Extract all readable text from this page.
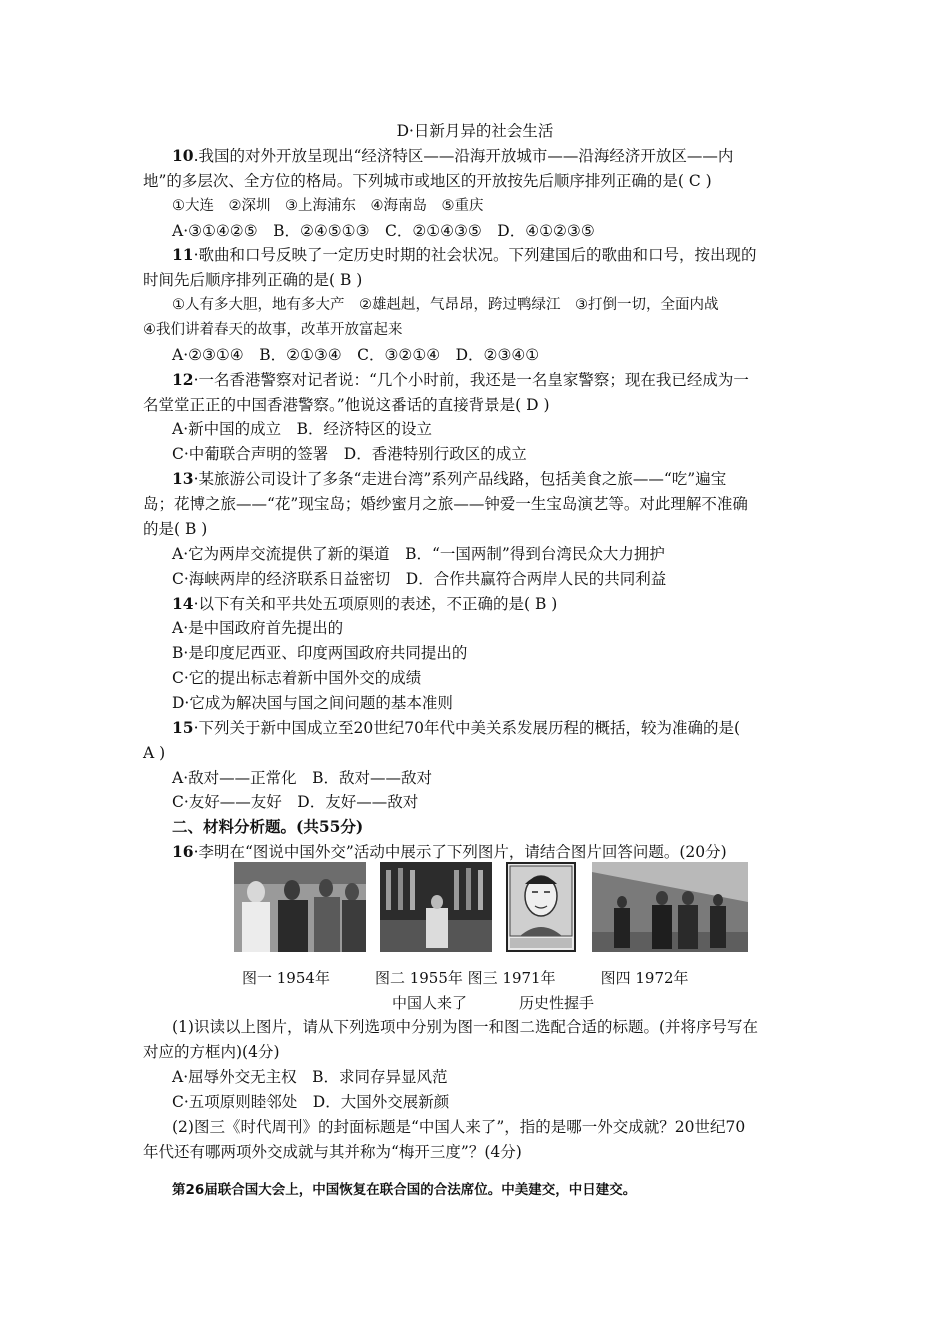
D·日新月异的社会生活
10.我国的对外开放呈现出“经济特区——沿海开放城市——沿海经济开放区——内
地”的多层次、全方位的格局。下列城市或地区的开放按先后顺序排列正确的是( C )
①大连　②深圳　③上海浦东　④海南岛　⑤重庆
A·③①④②⑤　B．②④⑤①③　C．②①④③⑤　D．④①②③⑤
11·歌曲和口号反映了一定历史时期的社会状况。下列建国后的歌曲和口号，按出现的
时间先后顺序排列正确的是( B )
①人有多大胆，地有多大产　②雄赳赳，气昂昂，跨过鸭绿江　③打倒一切，全面内战
④我们讲着春天的故事，改革开放富起来
A·②③①④　B．②①③④　C．③②①④　D．②③④①
12·一名香港警察对记者说：“几个小时前，我还是一名皇家警察；现在我已经成为一
名堂堂正正的中国香港警察。”他说这番话的直接背景是( D )
A·新中国的成立　B．经济特区的设立
C·中葡联合声明的签署　D．香港特别行政区的成立
13·某旅游公司设计了多条“走进台湾”系列产品线路，包括美食之旅——“吃”遍宝
岛；花博之旅——“花”现宝岛；婚纱蜜月之旅——钟爱一生宝岛演艺等。对此理解不准确
的是( B )
A·它为两岸交流提供了新的渠道　B．“一国两制”得到台湾民众大力拥护
C·海峡两岸的经济联系日益密切　D．合作共赢符合两岸人民的共同利益
14·以下有关和平共处五项原则的表述，不正确的是( B )
A·是中国政府首先提出的
B·是印度尼西亚、印度两国政府共同提出的
C·它的提出标志着新中国外交的成绩
D·它成为解决国与国之间问题的基本准则
15·下列关于新中国成立至20世纪70年代中美关系发展历程的概括，较为准确的是(
A )
A·敌对——正常化　B．敌对——敌对
C·友好——友好　D．友好——敌对
二、材料分析题。(共55分)
16·李明在“图说中国外交”活动中展示了下列图片，请结合图片回答问题。(20分)
图一 1954年　　　图二 1955年 图三 1971年　　　图四 1972年
中国人来了	历史性握手
(1)识读以上图片，请从下列选项中分别为图一和图二选配合适的标题。(并将序号写在
对应的方框内)(4分)
A·屈辱外交无主权　B．求同存异显风范
C·五项原则睦邻处　D．大国外交展新颜
(2)图三《时代周刊》的封面标题是“中国人来了”，指的是哪一外交成就？20世纪70
年代还有哪两项外交成就与其并称为“梅开三度”？(4分)
第26届联合国大会上，中国恢复在联合国的合法席位。中美建交，中日建交。
